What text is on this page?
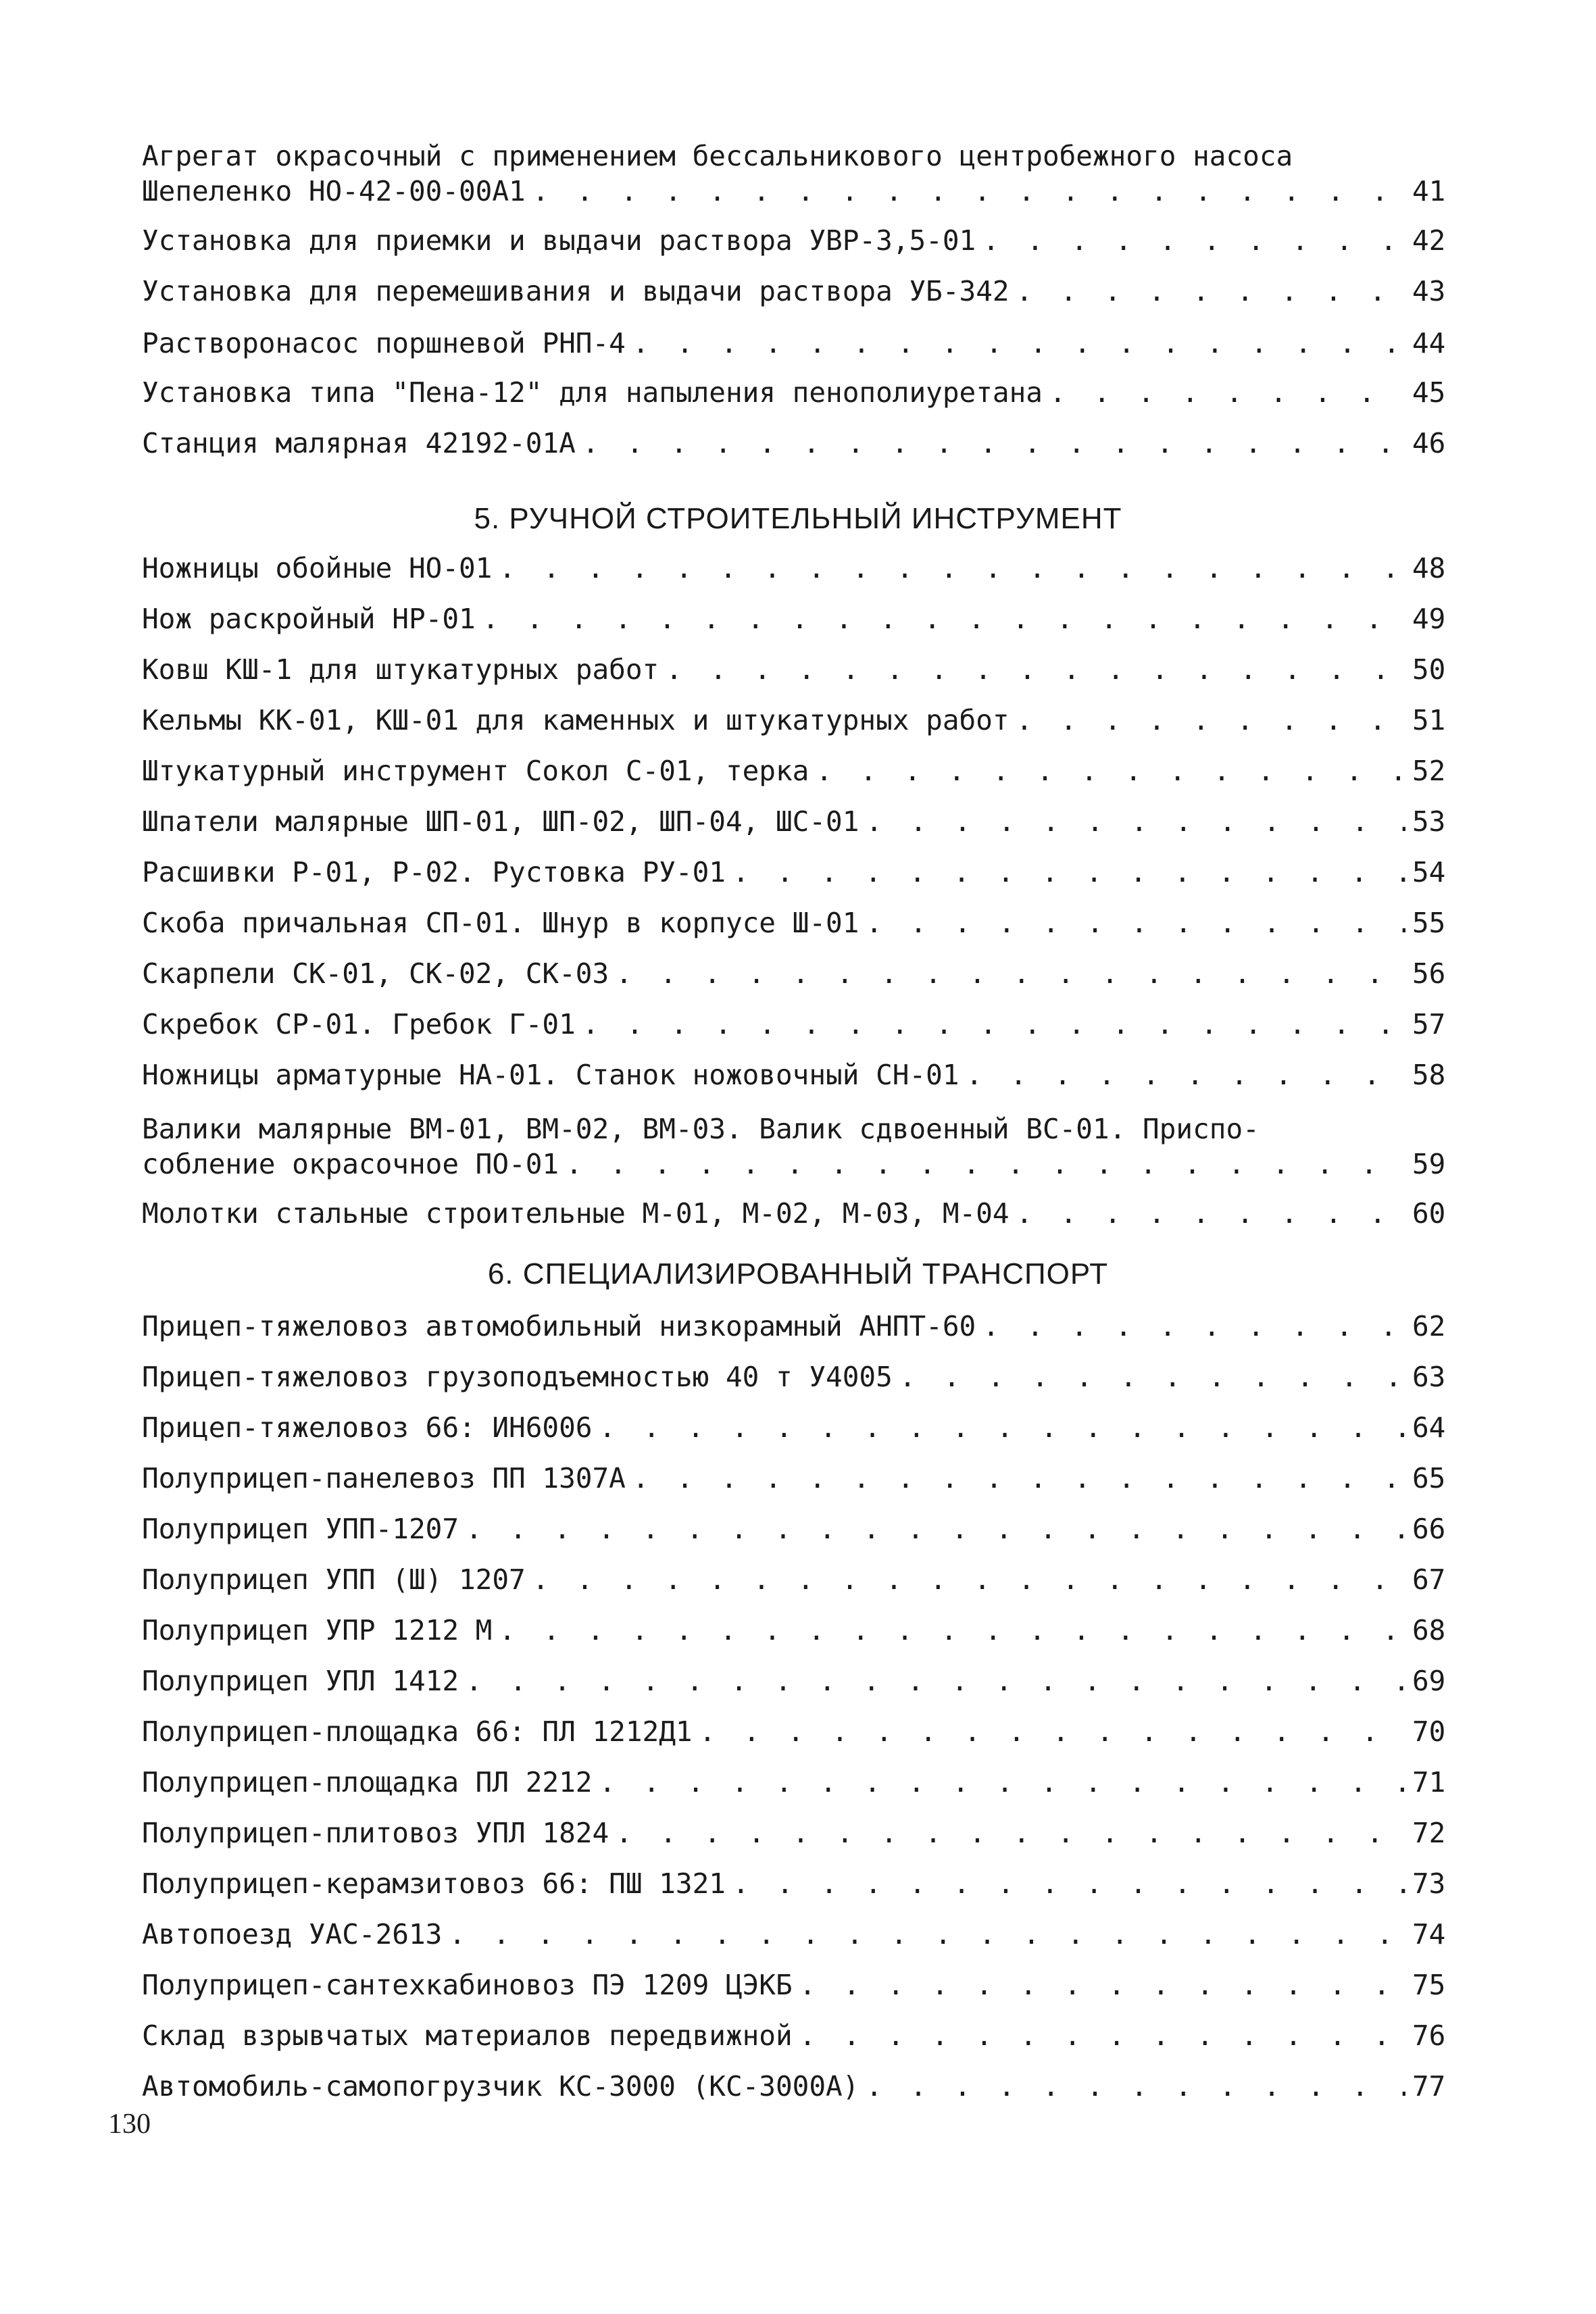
Агрегат окрасочный с применением бессальникового центробежного насоса
Шепеленко НО-42-00-00А1 . . .	41
Установка для приемки и выдачи раствора УВР-3,5-01 . . .	42
Установка для перемешивания и выдачи раствора УБ-342 . . .	43
Растворонасос поршневой РНП-4 . . .	44
Установка типа "Пена-12" для напыления пенополиуретана . . .	45
Станция малярная 42192-01А . . .	46
5. РУЧНОЙ СТРОИТЕЛЬНЫЙ ИНСТРУМЕНТ
Ножницы обойные НО-01 . . .	48
Нож раскройный НР-01 . . .	49
Ковш КШ-1 для штукатурных работ . . .	50
Кельмы КК-01, КШ-01 для каменных и штукатурных работ . . .	51
Штукатурный инструмент Сокол С-01, терка . . .	52
Шпатели малярные ШП-01, ШП-02, ШП-04, ШС-01 . . .	53
Расшивки Р-01, Р-02. Рустовка РУ-01 . . .	54
Скоба причальная СП-01. Шнур в корпусе Ш-01 . . .	55
Скарпели СК-01, СК-02, СК-03 . . .	56
Скребок СР-01. Гребок Г-01 . . .	57
Ножницы арматурные НА-01. Станок ножовочный СН-01 . . .	58
Валики малярные ВМ-01, ВМ-02, ВМ-03. Валик сдвоенный ВС-01. Приспо-
собление окрасочное ПО-01 . . .	59
Молотки стальные строительные М-01, М-02, М-03, М-04 . . .	60
6. СПЕЦИАЛИЗИРОВАННЫЙ ТРАНСПОРТ
Прицеп-тяжеловоз автомобильный низкорамный АНПТ-60 . . .	62
Прицеп-тяжеловоз грузоподъемностью 40 т У4005 . . .	63
Прицеп-тяжеловоз 66: ИН6006 . . .	64
Полуприцеп-панелевоз ПП 1307А . . .	65
Полуприцеп УПП-1207 . . .	66
Полуприцеп УПП (Ш) 1207 . . .	67
Полуприцеп УПР 1212 М . . .	68
Полуприцеп УПЛ 1412 . . .	69
Полуприцеп-площадка 66: ПЛ 1212Д1 . . .	70
Полуприцеп-площадка ПЛ 2212 . . .	71
Полуприцеп-плитовоз УПЛ 1824 . . .	72
Полуприцеп-керамзитовоз 66: ПШ 1321 . . .	73
Автопоезд УАС-2613 . . .	74
Полуприцеп-сантехкабиновоз ПЭ 1209 ЦЭКБ . . .	75
Склад взрывчатых материалов передвижной . . .	76
Автомобиль-самопогрузчик КС-3000 (КС-3000А) . . .	77
130
